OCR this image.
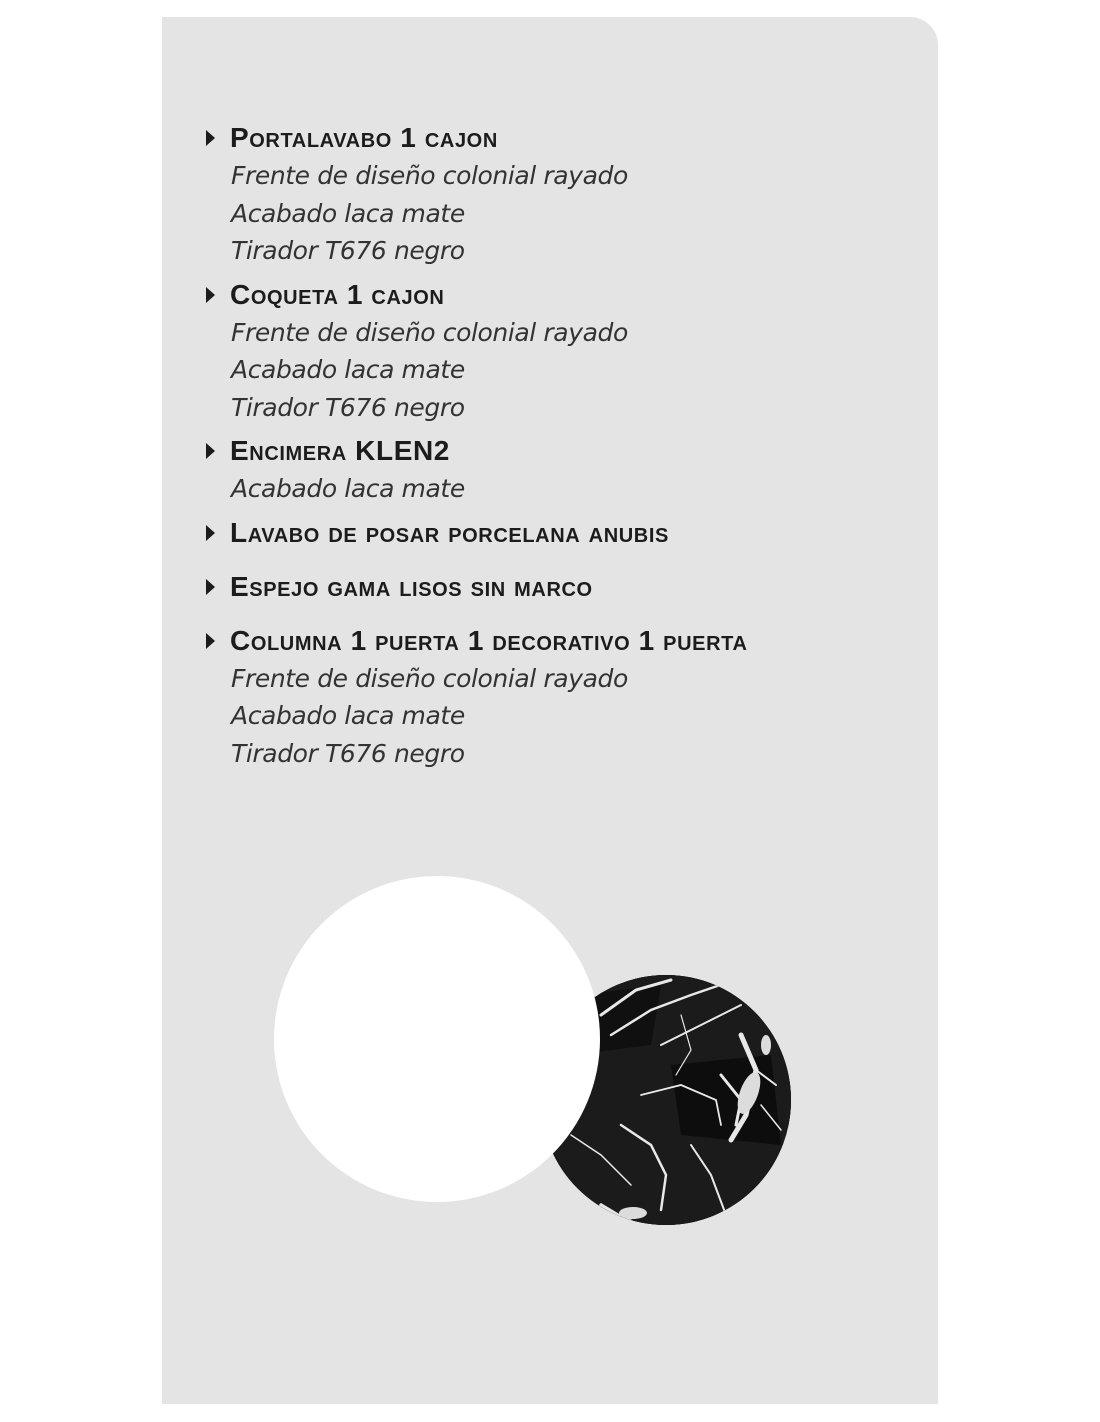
Portalavabo 1 cajon
Frente de diseño colonial rayado
Acabado laca mate
Tirador T676 negro
Coqueta 1 cajon
Frente de diseño colonial rayado
Acabado laca mate
Tirador T676 negro
Encimera KLEN2
Acabado laca mate
Lavabo de posar porcelana anubis
Espejo gama lisos sin marco
Columna 1 puerta 1 decorativo 1 puerta
Frente de diseño colonial rayado
Acabado laca mate
Tirador T676 negro
